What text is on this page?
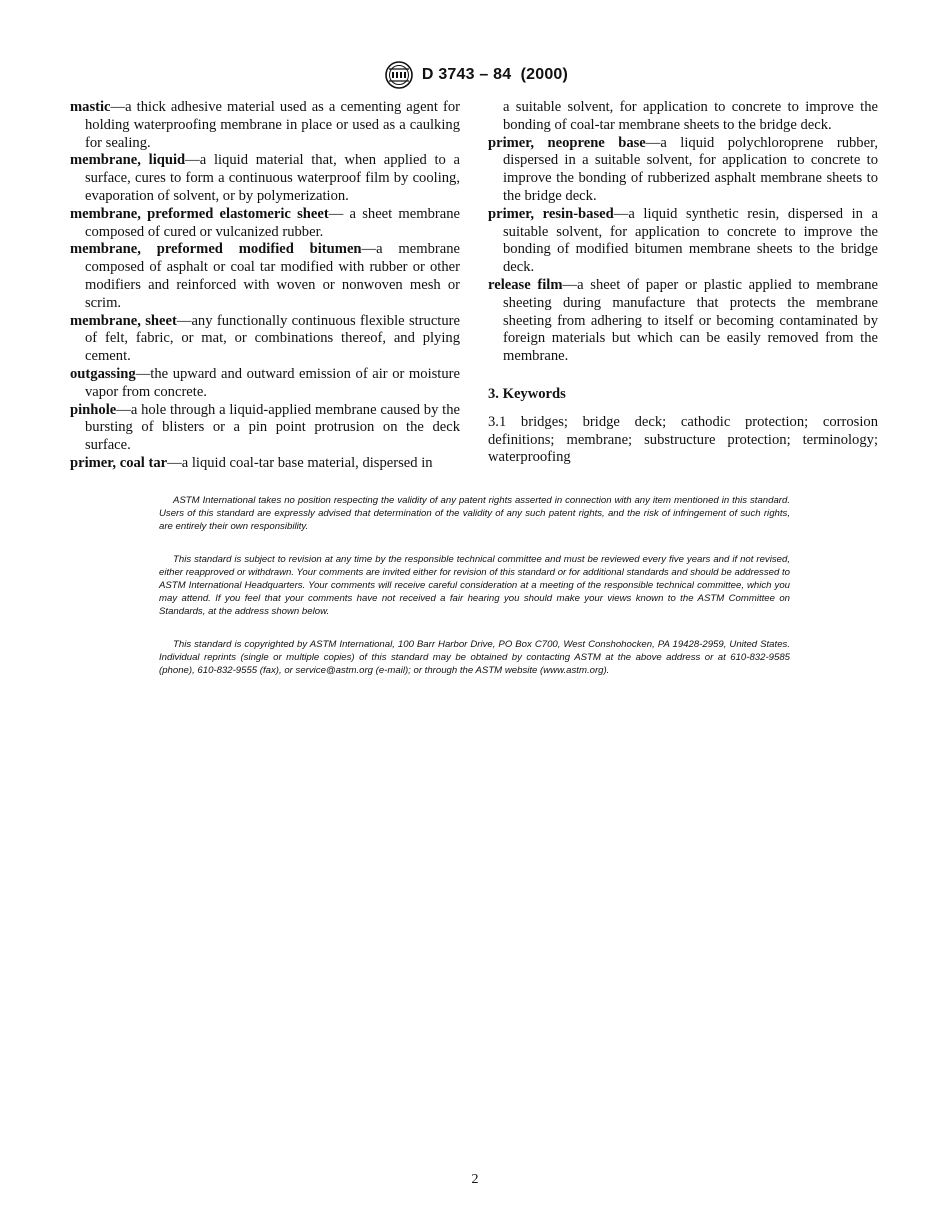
D 3743 – 84 (2000)

mastic—a thick adhesive material used as a cementing agent for holding waterproofing membrane in place or used as a caulking for sealing.

membrane, liquid—a liquid material that, when applied to a surface, cures to form a continuous waterproof film by cooling, evaporation of solvent, or by polymerization.

membrane, preformed elastomeric sheet— a sheet membrane composed of cured or vulcanized rubber.

membrane, preformed modified bitumen—a membrane composed of asphalt or coal tar modified with rubber or other modifiers and reinforced with woven or nonwoven mesh or scrim.

membrane, sheet—any functionally continuous flexible structure of felt, fabric, or mat, or combinations thereof, and plying cement.

outgassing—the upward and outward emission of air or moisture vapor from concrete.

pinhole—a hole through a liquid-applied membrane caused by the bursting of blisters or a pin point protrusion on the deck surface.

primer, coal tar—a liquid coal-tar base material, dispersed in

a suitable solvent, for application to concrete to improve the bonding of coal-tar membrane sheets to the bridge deck.

primer, neoprene base—a liquid polychloroprene rubber, dispersed in a suitable solvent, for application to concrete to improve the bonding of rubberized asphalt membrane sheets to the bridge deck.

primer, resin-based—a liquid synthetic resin, dispersed in a suitable solvent, for application to concrete to improve the bonding of modified bitumen membrane sheets to the bridge deck.

release film—a sheet of paper or plastic applied to membrane sheeting during manufacture that protects the membrane sheeting from adhering to itself or becoming contaminated by foreign materials but which can be easily removed from the membrane.

3. Keywords

3.1 bridges; bridge deck; cathodic protection; corrosion definitions; membrane; substructure protection; terminology; waterproofing

ASTM International takes no position respecting the validity of any patent rights asserted in connection with any item mentioned in this standard. Users of this standard are expressly advised that determination of the validity of any such patent rights, and the risk of infringement of such rights, are entirely their own responsibility.

This standard is subject to revision at any time by the responsible technical committee and must be reviewed every five years and if not revised, either reapproved or withdrawn. Your comments are invited either for revision of this standard or for additional standards and should be addressed to ASTM International Headquarters. Your comments will receive careful consideration at a meeting of the responsible technical committee, which you may attend. If you feel that your comments have not received a fair hearing you should make your views known to the ASTM Committee on Standards, at the address shown below.

This standard is copyrighted by ASTM International, 100 Barr Harbor Drive, PO Box C700, West Conshohocken, PA 19428-2959, United States. Individual reprints (single or multiple copies) of this standard may be obtained by contacting ASTM at the above address or at 610-832-9585 (phone), 610-832-9555 (fax), or service@astm.org (e-mail); or through the ASTM website (www.astm.org).

2
